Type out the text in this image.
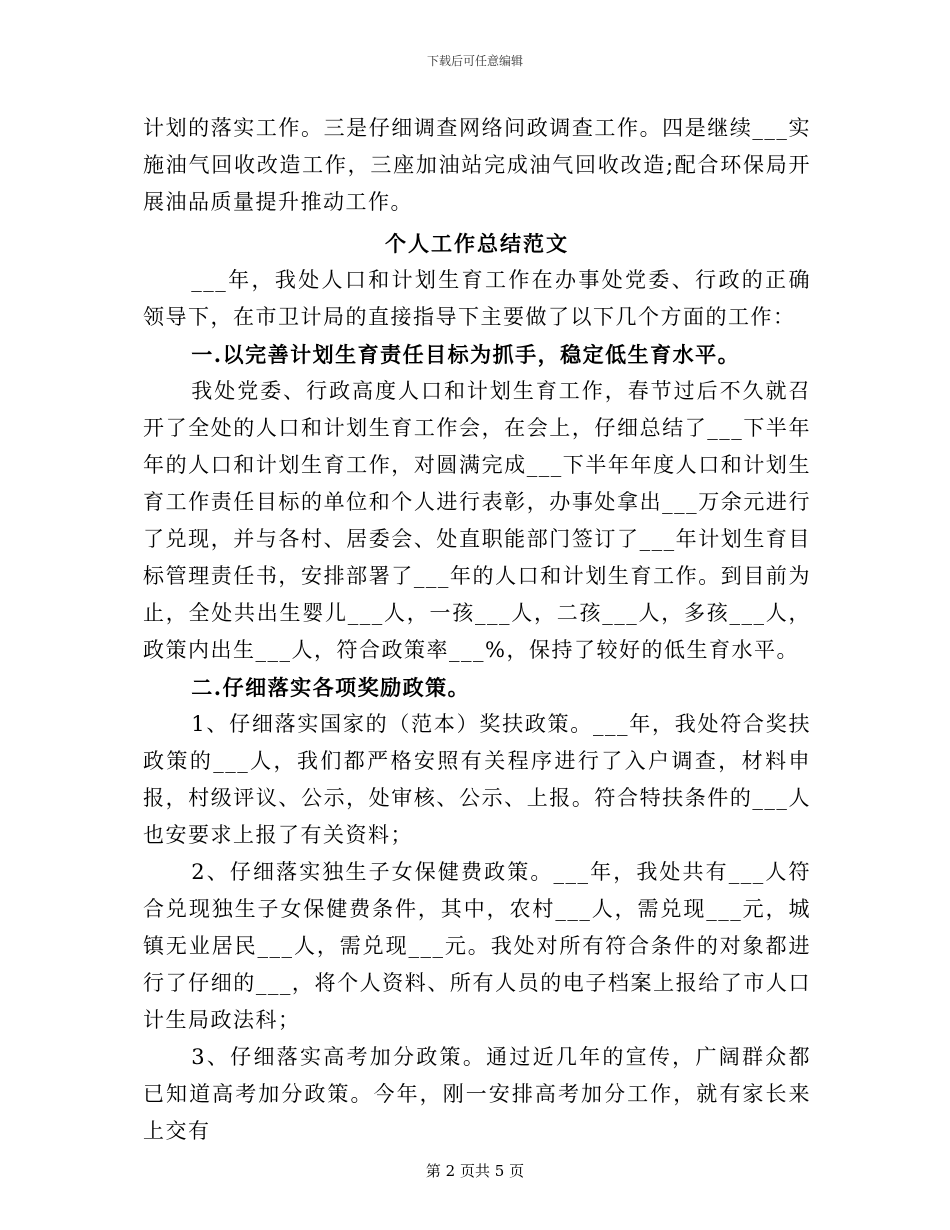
下载后可任意编辑

计划的落实工作。三是仔细调查网络问政调查工作。四是继续___实施油气回收改造工作，三座加油站完成油气回收改造;配合环保局开展油品质量提升推动工作。

个人工作总结范文

___年，我处人口和计划生育工作在办事处党委、行政的正确领导下，在市卫计局的直接指导下主要做了以下几个方面的工作：

一.以完善计划生育责任目标为抓手，稳定低生育水平。

我处党委、行政高度人口和计划生育工作，春节过后不久就召开了全处的人口和计划生育工作会，在会上，仔细总结了___下半年年的人口和计划生育工作，对圆满完成___下半年年度人口和计划生育工作责任目标的单位和个人进行表彰，办事处拿出___万余元进行了兑现，并与各村、居委会、处直职能部门签订了___年计划生育目标管理责任书，安排部署了___年的人口和计划生育工作。到目前为止，全处共出生婴儿___人，一孩___人，二孩___人，多孩___人，政策内出生___人，符合政策率___%，保持了较好的低生育水平。

二.仔细落实各项奖励政策。

1、仔细落实国家的（范本）奖扶政策。___年，我处符合奖扶政策的___人，我们都严格安照有关程序进行了入户调查，材料申报，村级评议、公示，处审核、公示、上报。符合特扶条件的___人也安要求上报了有关资料；

2、仔细落实独生子女保健费政策。___年，我处共有___人符合兑现独生子女保健费条件，其中，农村___人，需兑现___元，城镇无业居民___人，需兑现___元。我处对所有符合条件的对象都进行了仔细的___，将个人资料、所有人员的电子档案上报给了市人口计生局政法科；

3、仔细落实高考加分政策。通过近几年的宣传，广阔群众都已知道高考加分政策。今年，刚一安排高考加分工作，就有家长来上交有

第 2 页共 5 页
